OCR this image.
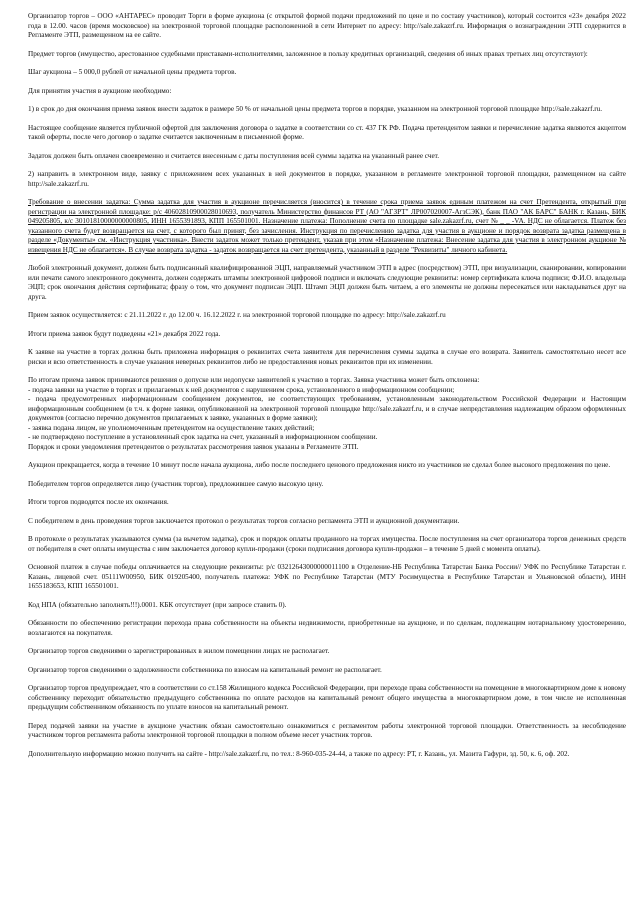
Организатор торгов – ООО «АНТАРЕС» проводит Торги в форме аукциона (с открытой формой подачи предложений по цене и по составу участников), который состоится «23» декабря 2022 года в 12.00. часов (время московское) на электронной торговой площадке расположенной в сети Интернет по адресу: http://sale.zakazrf.ru. Информация о вознаграждении ЭТП содержится в Регламенте ЭТП, размещенном на ее сайте.

Предмет торгов (имущество, арестованное судебными приставами-исполнителями, заложенное в пользу кредитных организаций, сведения об иных правах третьих лиц отсутствуют):

Шаг аукциона – 5 000,0 рублей от начальной цены предмета торгов.

Для принятия участия в аукционе необходимо:

1) в срок до дня окончания приема заявок внести задаток в размере 50 % от начальной цены предмета торгов в порядке, указанном на электронной торговой площадке http://sale.zakazrf.ru.

Настоящее сообщение является публичной офертой для заключения договора о задатке в соответствии со ст. 437 ГК РФ. Подача претендентом заявки и перечисление задатка являются акцептом такой оферты, после чего договор о задатке считается заключенным в письменной форме.

Задаток должен быть оплачен своевременно и считается внесенным с даты поступления всей суммы задатка на указанный ранее счет.

2) направить в электронном виде, заявку с приложением всех указанных в ней документов в порядке, указанном в регламенте электронной торговой площадки, размещенном на сайте http://sale.zakazrf.ru.

Требование о внесении задатка: Сумма задатка для участия в аукционе перечисляется (вносится) в течение срока приема заявок единым платежом на счет Претендента, открытый при регистрации на электронной площадке: р/с 40602810900028010693, получатель Министерство финансов РТ (АО "АГЗРТ" ЛР007020007-АгзСЭК), банк ПАО "АК БАРС" БАНК г. Казань, БИК 049205805, к/с 30101810000000000805, ИНН 1655391893, КПП 165501001. Назначение платежа: Пополнение счета по площадке sale.zakazrf.ru, счет № _ _ -VA. НДС не облагается. Платеж без указанного счета будет возвращается на счет, с которого был принят, без зачисления. Инструкция по перечислению задатка для участия в аукционе и порядок возврата задатка размещена в разделе «Документы» см. «Инструкция участника». Внести задаток может только претендент, указав при этом «Назначение платежа: Внесение задатка для участия в электронном аукционе № извещения НДС не облагается». В случае возврата задатка - задаток возвращается на счет претендента, указанный в разделе "Реквизиты" личного кабинета.

Любой электронный документ, должен быть подписанный квалифицированной ЭЦП, направляемый участником ЭТП в адрес (посредством) ЭТП, при визуализации, сканировании, копировании или печати самого электронного документа, должен содержать штампы электронной цифровой подписи и включать следующие реквизиты: номер сертификата ключа подписи; Ф.И.О. владельца ЭЦП; срок окончания действия сертификата; фразу о том, что документ подписан ЭЦП. Штамп ЭЦП должен быть читаем, а его элементы не должны пересекаться или накладываться друг на друга.

Прием заявок осуществляется: с 21.11.2022 г. до 12.00 ч. 16.12.2022 г. на электронной торговой площадке по адресу: http://sale.zakazrf.ru

Итоги приема заявок будут подведены «21» декабря 2022 года.

К заявке на участие в торгах должна быть приложена информация о реквизитах счета заявителя для перечисления суммы задатка в случае его возврата. Заявитель самостоятельно несет все риски и всю ответственность в случае указания неверных реквизитов либо не предоставления новых реквизитов при их изменении.

По итогам приема заявок принимаются решения о допуске или недопуске заявителей к участию в торгах. Заявка участника может быть отклонена:
- подача заявки на участие в торгах и прилагаемых к ней документов с нарушением срока, установленного в информационном сообщении;
- подача предусмотренных информационным сообщением документов, не соответствующих требованиям, установленным законодательством Российской Федерации и Настоящим информационным сообщением (в т.ч. к форме заявки, опубликованной на электронной торговой площадке http://sale.zakazrf.ru, и в случае непредставления надлежащим образом оформленных документов (согласно перечню документов прилагаемых к заявке, указанных в форме заявки);
- заявка подана лицом, не уполномоченным претендентом на осуществление таких действий;
- не подтверждено поступление в установленный срок задатка на счет, указанный в информационном сообщении.
Порядок и сроки уведомления претендентов о результатах рассмотрения заявок указаны в Регламенте ЭТП.

Аукцион прекращается, когда в течение 10 минут после начала аукциона, либо после последнего ценового предложения никто из участников не сделал более высокого предложения по цене.

Победителем торгов определяется лицо (участник торгов), предложившее самую высокую цену.

Итоги торгов подводятся после их окончания.

С победителем в день проведения торгов заключается протокол о результатах торгов согласно регламента ЭТП и аукционной документации.

В протоколе о результатах указываются сумма (за вычетом задатка), срок и порядок оплаты проданного на торгах имущества. После поступления на счет организатора торгов денежных средств от победителя в счет оплаты имущества с ним заключается договор купли-продажи (сроки подписания договора купли-продажи – в течение 5 дней с момента оплаты).

Основной платеж в случае победы оплачивается на следующие реквизиты: р/с 03212643000000011100 в Отделение-НБ Республика Татарстан Банка России// УФК по Республике Татарстан г. Казань, лицевой счет. 05111W00950, БИК 019205400, получатель платежа: УФК по Республике Татарстан (МТУ Росимущества в Республике Татарстан и Ульяновской области), ИНН 1655183653, КПП 165501001.

Код НПА (обязательно заполнять!!!).0001. КБК отсутствует (при запросе ставить 0).

Обязанности по обеспечению регистрации перехода права собственности на объекты недвижимости, приобретенные на аукционе, и по сделкам, подлежащим нотариальному удостоверению, возлагаются на покупателя.

Организатор торгов сведениями о зарегистрированных в жилом помещении лицах не располагает.

Организатор торгов сведениями о задолженности собственника по взносам на капитальный ремонт не располагает.

Организатор торгов предупреждает, что в соответствии со ст.158 Жилищного кодекса Российской Федерации, при переходе права собственности на помещение в многоквартирном доме к новому собственнику переходит обязательство предыдущего собственника по оплате расходов на капитальный ремонт общего имущества в многоквартирном доме, в том числе не исполненная предыдущим собственником обязанность по уплате взносов на капитальный ремонт.

Перед подачей заявки на участие в аукционе участник обязан самостоятельно ознакомиться с регламентом работы электронной торговой площадки. Ответственность за несоблюдение участником торгов регламента работы электронной торговой площадки в полном объеме несет участник торгов.

Дополнительную информацию можно получить на сайте - http://sale.zakazrf.ru, по тел.: 8-960-035-24-44, а также по адресу: РТ, г. Казань, ул. Мазита Гафури, зд. 50, к. 6, оф. 202.
